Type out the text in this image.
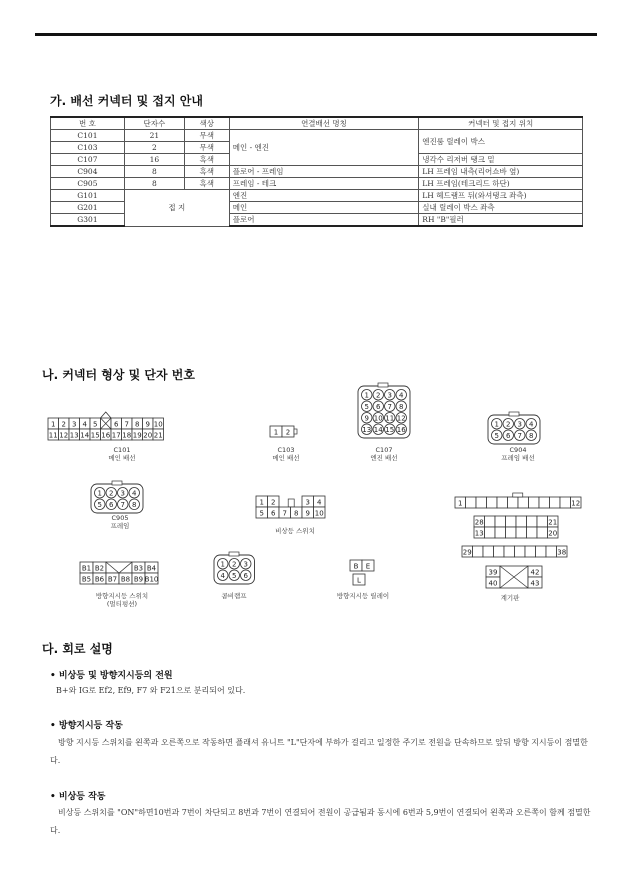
가. 배선 커넥터 및 접지 안내
번 호	단자수	색상	연결배선 명칭	커넥터 및 접지 위치
C101	21	무색	메인 - 엔진	엔진룸 릴레이 박스
C103	2	무색		
C107	16	흑색		냉각수 리저버 탱크 밑
C904	8	흑색	플로어 - 프레임	LH 프레임 내측(리어쇼바 옆)
C905	8	흑색	프레임 - 테크	LH 프레임(테크리드 하단)
G101	접 지		엔진	LH 헤드램프 뒤(와셔탱크 좌측)
G201			메인	실내 릴레이 박스 좌측
G301			플로어	RH "B"필러
나. 커넥터 형상 및 단자 번호
1 2 3 4 5 6 7 8 9 10
11 12 13 14 15 16 17 18 19 20 21	1 2
1 2 3 4
5 6 7 8
9 10 11 12
13 14 15 16
1 2 3 4
5 6 7 8
1 2 3 4
5 6 7 8
1 2 3
4 5 6
1 2	3 4
5 6 7 8 9 10
B1 B2	B3 B4
B5 B6 B7 B8 B9 B10
B E
L
1	12
28
13
21
20
29	38
39
40
42
43
C101
메인 배선
C103
메인 배선
C107
엔진 배선
C904
프레임 배선
C905
프레임
비상등 스위치
방향지시등 스위치
(멀티펑션)
콤비램프	방향지시등 릴레이	계기판
다. 회로 설명
• 비상등 및 방향지시등의 전원
B+와 IG로 Ef2, Ef9, F7 와 F21으로 분리되어 있다.
• 방향지시등 작동
방향 지시등 스위치를 왼쪽과 오른쪽으로 작동하면 플래셔 유니트 "L"단자에 부하가 걸리고 일정한 주기로 전원을 단속하므로 앞뒤 방향 지시등이 점멸한다.
• 비상등 작동
비상등 스위치를 "ON"하면10번과 7번이 차단되고 8번과 7번이 연결되어 전원이 공급됨과 동시에 6번과 5,9번이 연결되어 왼쪽과 오른쪽이 함께 점멸한다.
